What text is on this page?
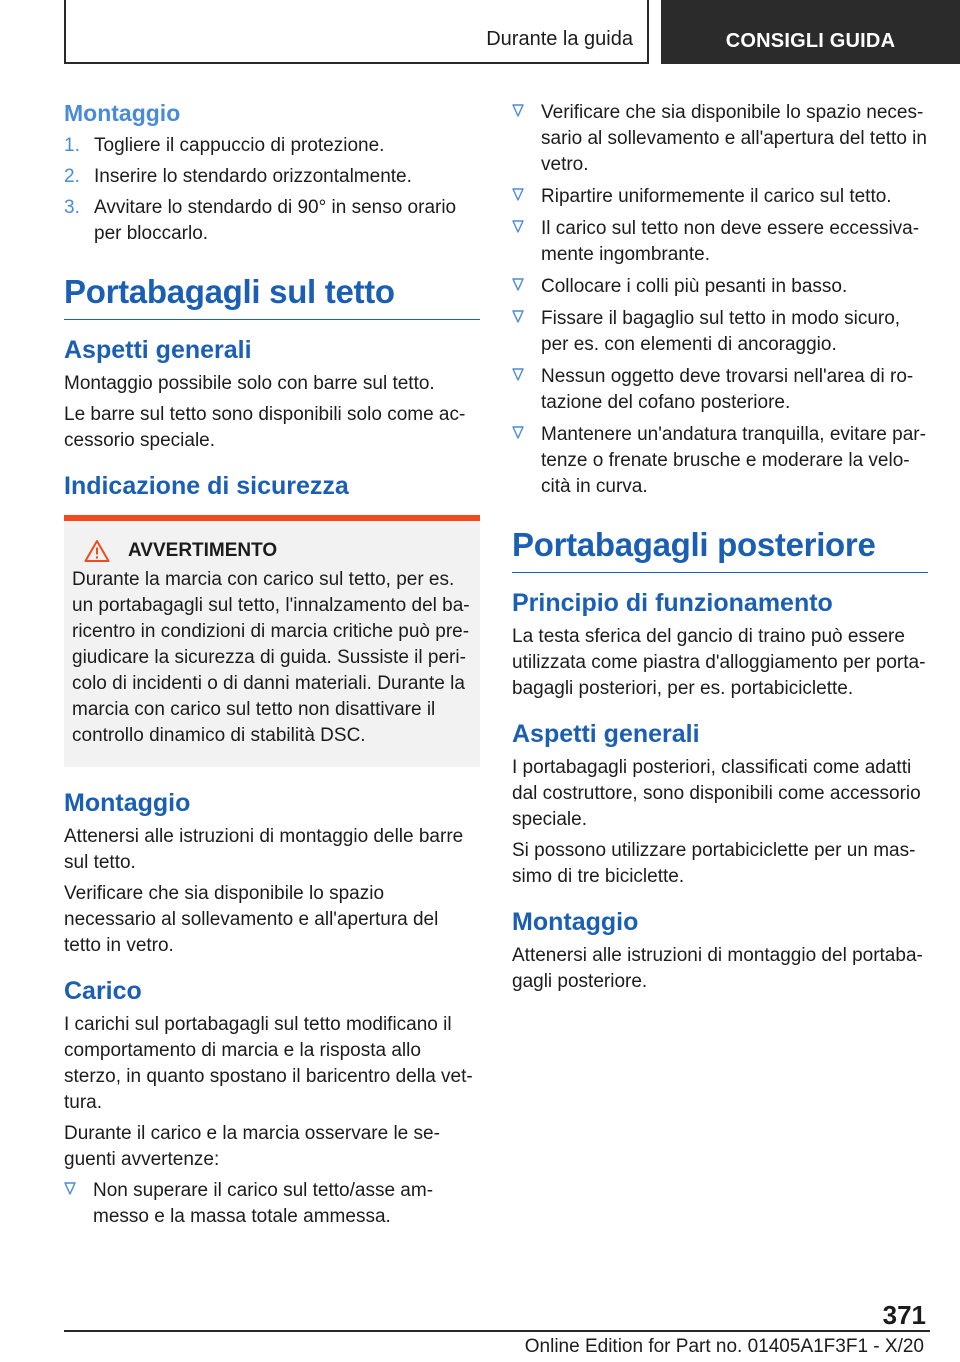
Durante la guida	CONSIGLI GUIDA
Montaggio
1. Togliere il cappuccio di protezione.
2. Inserire lo stendardo orizzontalmente.
3. Avvitare lo stendardo di 90° in senso orario per bloccarlo.
Portabagagli sul tetto
Aspetti generali

Montaggio possibile solo con barre sul tetto.

Le barre sul tetto sono disponibili solo come accessorio speciale.

Indicazione di sicurezza
AVVERTIMENTO

Durante la marcia con carico sul tetto, per es. un portabagagli sul tetto, l'innalzamento del baricentro in condizioni di marcia critiche può pregiudicare la sicurezza di guida. Sussiste il pericolo di incidenti o di danni materiali. Durante la marcia con carico sul tetto non disattivare il controllo dinamico di stabilità DSC.

Montaggio

Attenersi alle istruzioni di montaggio delle barre sul tetto.

Verificare che sia disponibile lo spazio necessario al sollevamento e all'apertura del tetto in vetro.

Carico

I carichi sul portabagagli sul tetto modificano il comportamento di marcia e la risposta allo sterzo, in quanto spostano il baricentro della vettura.

Durante il carico e la marcia osservare le seguenti avvertenze:

Non superare il carico sul tetto/asse ammesso e la massa totale ammessa.
Verificare che sia disponibile lo spazio necessario al sollevamento e all'apertura del tetto in vetro.
Ripartire uniformemente il carico sul tetto.
Il carico sul tetto non deve essere eccessivamente ingombrante.
Collocare i colli più pesanti in basso.
Fissare il bagaglio sul tetto in modo sicuro, per es. con elementi di ancoraggio.
Nessun oggetto deve trovarsi nell'area di rotazione del cofano posteriore.
Mantenere un'andatura tranquilla, evitare partenze o frenate brusche e moderare la velocità in curva.
Portabagagli posteriore
Principio di funzionamento

La testa sferica del gancio di traino può essere utilizzata come piastra d'alloggiamento per portabagagli posteriori, per es. portabiciclette.

Aspetti generali

I portabagagli posteriori, classificati come adatti dal costruttore, sono disponibili come accessorio speciale.

Si possono utilizzare portabiciclette per un massimo di tre biciclette.

Montaggio

Attenersi alle istruzioni di montaggio del portabagagli posteriore.

371
Online Edition for Part no. 01405A1F3F1 - X/20
